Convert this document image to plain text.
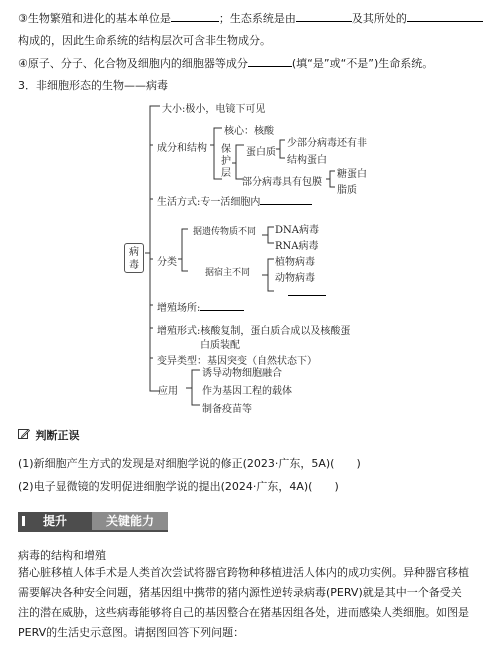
③生物繁殖和进化的基本单位是	；生态系统是由	及其所处的
构成的，因此生命系统的结构层次可含非生物成分。
④原子、分子、化合物及细胞内的细胞器等成分	(填“是”或“不是”)生命系统。
3．非细胞形态的生物——病毒
病毒
大小:极小，电镜下可见
成分和结构
核心：核酸
保护层
蛋白质
少部分病毒还有非
结构蛋白
部分病毒具有包膜
糖蛋白
脂质
生活方式:专一活细胞内
分类
据遗传物质不同 DNA病毒
RNA病毒
据宿主不同
植物病毒
动物病毒
增殖场所:
增殖形式:核酸复制，蛋白质合成以及核酸蛋
白质装配
变异类型：基因突变（自然状态下）
应用
诱导动物细胞融合
作为基因工程的载体
制备疫苗等
判断正误
(1)新细胞产生方式的发现是对细胞学说的修正(2023·广东，5A)(　　)
(2)电子显微镜的发明促进细胞学说的提出(2024·广东，4A)(　　)
提升	关键能力
病毒的结构和增殖
猪心脏移植人体手术是人类首次尝试将器官跨物种移植进活人体内的成功实例。异种器官移植需要解决各种安全问题，猪基因组中携带的猪内源性逆转录病毒(PERV)就是其中一个备受关注的潜在威胁，这些病毒能够将自己的基因整合在猪基因组各处，进而感染人类细胞。如图是PERV的生活史示意图。请据图回答下列问题：
